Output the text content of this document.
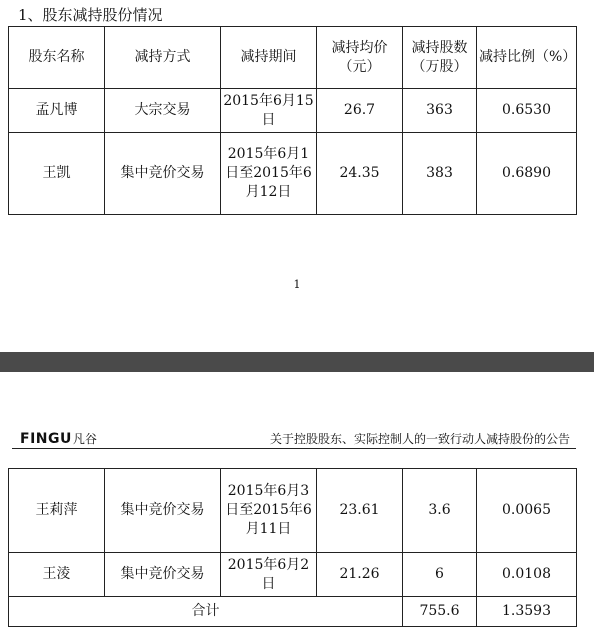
1、股东减持股份情况
股东名称	减持方式	减持期间	减持均价（元）	减持股数（万股）	减持比例（%）
孟凡博	大宗交易	2015年6月15日	26.7	363	0.6530
王凯	集中竞价交易	2015年6月1日至2015年6月12日	24.35	383	0.6890
1
FINGU凡谷	关于控股股东、实际控制人的一致行动人减持股份的公告
王莉萍	集中竞价交易	2015年6月3日至2015年6月11日	23.61	3.6	0.0065
王淩	集中竞价交易	2015年6月2日	21.26	6	0.0108
合计				755.6	1.3593
